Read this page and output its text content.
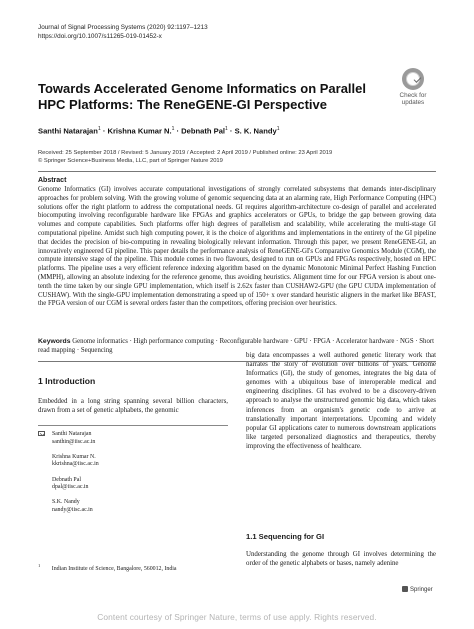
Journal of Signal Processing Systems (2020) 92:1197–1213
https://doi.org/10.1007/s11265-019-01452-x
Towards Accelerated Genome Informatics on Parallel HPC Platforms: The ReneGENE-GI Perspective
Check for
updates
Santhi Natarajan$^1$ · Krishna Kumar N.$^1$ · Debnath Pal$^1$ · S. K. Nandy$^1$
Received: 25 September 2018 / Revised: 5 January 2019 / Accepted: 2 April 2019 / Published online: 23 April 2019
© Springer Science+Business Media, LLC, part of Springer Nature 2019
Abstract
Genome Informatics (GI) involves accurate computational investigations of strongly correlated subsystems that demands inter-disciplinary approaches for problem solving. With the growing volume of genomic sequencing data at an alarming rate, High Performance Computing (HPC) solutions offer the right platform to address the computational needs. GI requires algorithm-architecture co-design of parallel and accelerated biocomputing involving reconfigurable hardware like FPGAs and graphics accelerators or GPUs, to bridge the gap between growing data volumes and compute capabilities. Such platforms offer high degrees of parallelism and scalability, while accelerating the multi-stage GI computational pipeline. Amidst such high computing power, it is the choice of algorithms and implementations in the entirety of the GI pipeline that decides the precision of bio-computing in revealing biologically relevant information. Through this paper, we present ReneGENE-GI, an innovatively engineered GI pipeline. This paper details the performance analysis of ReneGENE-GI's Comparative Genomics Module (CGM), the compute intensive stage of the pipeline. This module comes in two flavours, designed to run on GPUs and FPGAs respectively, hosted on HPC platforms. The pipeline uses a very efficient reference indexing algorithm based on the dynamic Monotonic Minimal Perfect Hashing Function (MMPH), allowing an absolute indexing for the reference genome, thus avoiding heuristics. Alignment time for our FPGA version is about one-tenth the time taken by our single GPU implementation, which itself is 2.62x faster than CUSHAW2-GPU (the GPU CUDA implementation of CUSHAW). With the single-GPU implementation demonstrating a speed up of 150+ x over standard heuristic aligners in the market like BFAST, the FPGA version of our CGM is several orders faster than the competitors, offering precision over heuristics.
Keywords Genome informatics · High performance computing · Reconfigurable hardware · GPU · FPGA · Accelerator hardware · NGS · Short read mapping · Sequencing
1 Introduction
Embedded in a long string spanning several billion characters, drawn from a set of genetic alphabets, the genomic
Santhi Natarajan
santhin@iisc.ac.in
Krishna Kumar N.
kkrishna@iisc.ac.in
Debnath Pal
dpal@iisc.ac.in
S.K. Nandy
nandy@iisc.ac.in
$^1$ Indian Institute of Science, Bangalore, 560012, India
big data encompasses a well authored genetic literary work that narrates the story of evolution over billions of years. Genome Informatics (GI), the study of genomes, integrates the big data of genomes with a ubiquitous base of interoperable medical and engineering disciplines. GI has evolved to be a discovery-driven approach to analyse the unstructured genomic big data, which takes inferences from an organism's genetic code to arrive at translationally important interpretations. Upcoming and widely popular GI applications cater to numerous downstream applications like targeted personalized diagnostics and therapeutics, thereby improving the effectiveness of healthcare.
1.1 Sequencing for GI
Understanding the genome through GI involves determining the order of the genetic alphabets or bases, namely adenine
Springer
Content courtesy of Springer Nature, terms of use apply. Rights reserved.
